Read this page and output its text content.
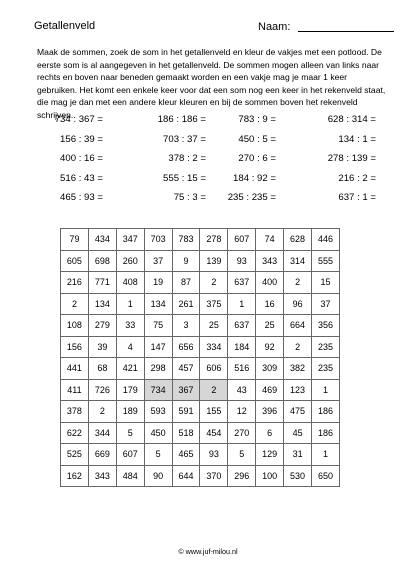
Getallenveld	Naam:
Maak de sommen, zoek de som in het getallenveld en kleur de vakjes met een potlood. De eerste som is al aangegeven in het getallenveld. De sommen mogen alleen van links naar rechts en boven naar beneden gemaakt worden en een vakje mag je maar 1 keer gebruiken. Het komt een enkele keer voor dat een som nog een keer in het rekenveld staat, die mag je dan met een andere kleur kleuren en bij de sommen boven het rekenveld schrijven.
734 : 367 =	186 : 186 =	783 : 9 =	628 : 314 =
156 : 39 =	703 : 37 =	450 : 5 =	134 : 1 =
400 : 16 =	378 : 2 =	270 : 6 =	278 : 139 =
516 : 43 =	555 : 15 =	184 : 92 =	216 : 2 =
465 : 93 =	75 : 3 =	235 : 235 =	637 : 1 =
79	434	347	703	783	278	607	74	628	446
605	698	260	37	9	139	93	343	314	555
216	771	408	19	87	2	637	400	2	15
2	134	1	134	261	375	1	16	96	37
108	279	33	75	3	25	637	25	664	356
156	39	4	147	656	334	184	92	2	235
441	68	421	298	457	606	516	309	382	235
411	726	179	734	367	2	43	469	123	1
378	2	189	593	591	155	12	396	475	186
622	344	5	450	518	454	270	6	45	186
525	669	607	5	465	93	5	129	31	1
162	343	484	90	644	370	296	100	530	650
© www.juf-milou.nl
